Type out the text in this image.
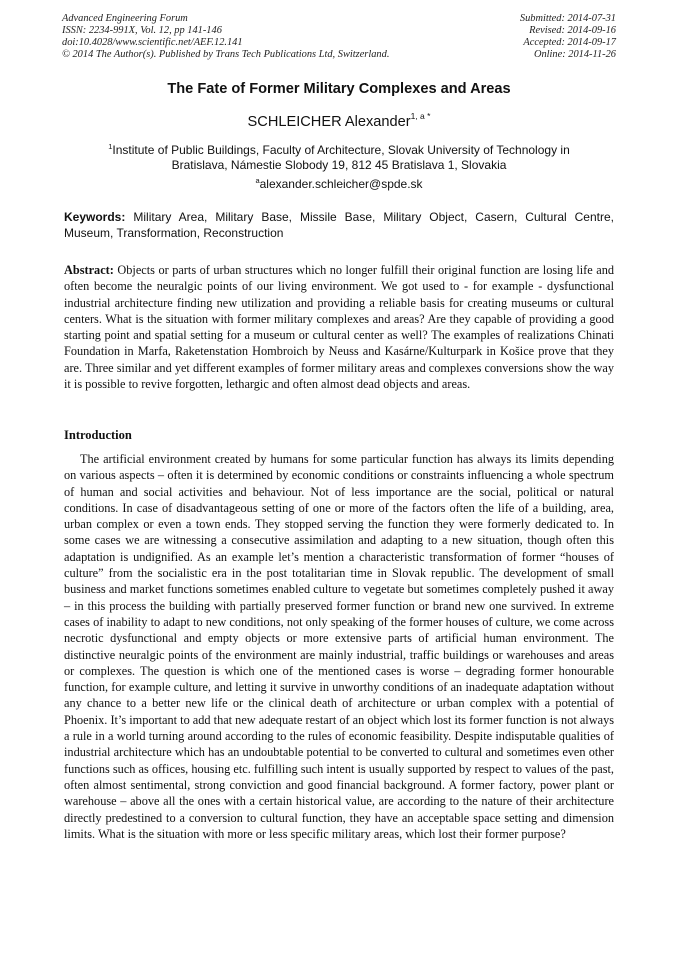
Advanced Engineering Forum
ISSN: 2234-991X, Vol. 12, pp 141-146
doi:10.4028/www.scientific.net/AEF.12.141
© 2014 The Author(s). Published by Trans Tech Publications Ltd, Switzerland.
Submitted: 2014-07-31
Revised: 2014-09-16
Accepted: 2014-09-17
Online: 2014-11-26
The Fate of Former Military Complexes and Areas
SCHLEICHER Alexander$^{1, a *}$
$^1$Institute of Public Buildings, Faculty of Architecture, Slovak University of Technology in Bratislava, Námestie Slobody 19, 812 45 Bratislava 1, Slovakia
$^a$alexander.schleicher@spde.sk
Keywords: Military Area, Military Base, Missile Base, Military Object, Casern, Cultural Centre, Museum, Transformation, Reconstruction
Abstract: Objects or parts of urban structures which no longer fulfill their original function are losing life and often become the neuralgic points of our living environment. We got used to - for example - dysfunctional industrial architecture finding new utilization and providing a reliable basis for creating museums or cultural centers. What is the situation with former military complexes and areas? Are they capable of providing a good starting point and spatial setting for a museum or cultural center as well? The examples of realizations Chinati Foundation in Marfa, Raketenstation Hombroich by Neuss and Kasárne/Kulturpark in Košice prove that they are. Three similar and yet different examples of former military areas and complexes conversions show the way it is possible to revive forgotten, lethargic and often almost dead objects and areas.
Introduction
The artificial environment created by humans for some particular function has always its limits depending on various aspects – often it is determined by economic conditions or constraints influencing a whole spectrum of human and social activities and behaviour. Not of less importance are the social, political or natural conditions. In case of disadvantageous setting of one or more of the factors often the life of a building, area, urban complex or even a town ends. They stopped serving the function they were formerly dedicated to. In some cases we are witnessing a consecutive assimilation and adapting to a new situation, though often this adaptation is undignified. As an example let’s mention a characteristic transformation of former “houses of culture” from the socialistic era in the post totalitarian time in Slovak republic. The development of small business and market functions sometimes enabled culture to vegetate but sometimes completely pushed it away – in this process the building with partially preserved former function or brand new one survived. In extreme cases of inability to adapt to new conditions, not only speaking of the former houses of culture, we come across necrotic dysfunctional and empty objects or more extensive parts of artificial human environment. The distinctive neuralgic points of the environment are mainly industrial, traffic buildings or warehouses and areas or complexes. The question is which one of the mentioned cases is worse – degrading former honourable function, for example culture, and letting it survive in unworthy conditions of an inadequate adaptation without any chance to a better new life or the clinical death of architecture or urban complex with a potential of Phoenix. It’s important to add that new adequate restart of an object which lost its former function is not always a rule in a world turning around according to the rules of economic feasibility. Despite indisputable qualities of industrial architecture which has an undoubtable potential to be converted to cultural and sometimes even other functions such as offices, housing etc. fulfilling such intent is usually supported by respect to values of the past, often almost sentimental, strong conviction and good financial background. A former factory, power plant or warehouse – above all the ones with a certain historical value, are according to the nature of their architecture directly predestined to a conversion to cultural function, they have an acceptable space setting and dimension limits. What is the situation with more or less specific military areas, which lost their former purpose?
